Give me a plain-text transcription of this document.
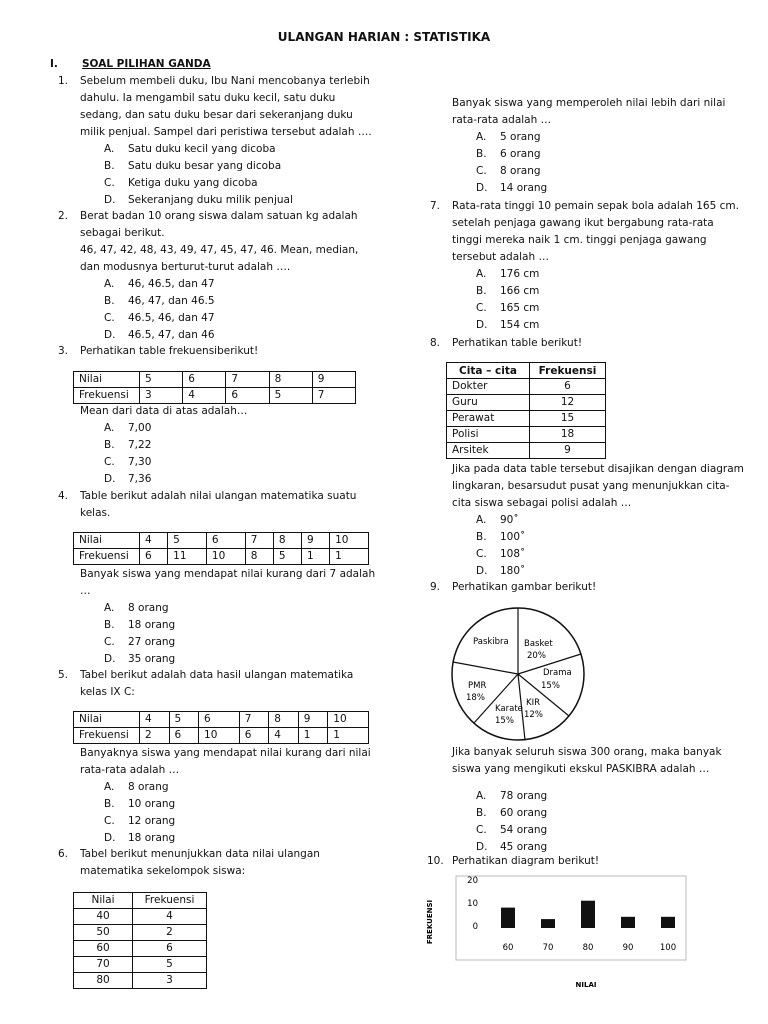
ULANGAN HARIAN : STATISTIKA
I. SOAL PILIHAN GANDA
1. Sebelum membeli duku, Ibu Nani mencobanya terlebih
dahulu. Ia mengambil satu duku kecil, satu duku
sedang, dan satu duku besar dari sekeranjang duku
milik penjual. Sampel dari peristiwa tersebut adalah ….
A. Satu duku kecil yang dicoba
B. Satu duku besar yang dicoba
C. Ketiga duku yang dicoba
D. Sekeranjang duku milik penjual
2. Berat badan 10 orang siswa dalam satuan kg adalah
sebagai berikut.
46, 47, 42, 48, 43, 49, 47, 45, 47, 46. Mean, median,
dan modusnya berturut-turut adalah ….
A. 46, 46.5, dan 47
B. 46, 47, dan 46.5
C. 46.5, 46, dan 47
D. 46.5, 47, dan 46
3. Perhatikan table frekuensiberikut!
Nilai	5	6	7	8	9
Frekuensi	3	4	6	5	7
Mean dari data di atas adalah…
A. 7,00
B. 7,22
C. 7,30
D. 7,36
4. Table berikut adalah nilai ulangan matematika suatu
kelas.
Nilai	4	5	6	7	8	9	10
Frekuensi	6	11	10	8	5	1	1
Banyak siswa yang mendapat nilai kurang dari 7 adalah
…
A. 8 orang
B. 18 orang
C. 27 orang
D. 35 orang
5. Tabel berikut adalah data hasil ulangan matematika
kelas IX C:
Nilai	4	5	6	7	8	9	10
Frekuensi	2	6	10	6	4	1	1
Banyaknya siswa yang mendapat nilai kurang dari nilai
rata-rata adalah …
A. 8 orang
B. 10 orang
C. 12 orang
D. 18 orang
6. Tabel berikut menunjukkan data nilai ulangan
matematika sekelompok siswa:
Nilai	Frekuensi
40	4
50	2
60	6
70	5
80	3
Banyak siswa yang memperoleh nilai lebih dari nilai
rata-rata adalah …
A. 5 orang
B. 6 orang
C. 8 orang
D. 14 orang
7. Rata-rata tinggi 10 pemain sepak bola adalah 165 cm.
setelah penjaga gawang ikut bergabung rata-rata
tinggi mereka naik 1 cm. tinggi penjaga gawang
tersebut adalah …
A. 176 cm
B. 166 cm
C. 165 cm
D. 154 cm
8. Perhatikan table berikut!
Cita – cita	Frekuensi
Dokter	6
Guru	12
Perawat	15
Polisi	18
Arsitek	9
Jika pada data table tersebut disajikan dengan diagram
lingkaran, besarsudut pusat yang menunjukkan cita-
cita siswa sebagai polisi adalah …
A. 90˚
B. 100˚
C. 108˚
D. 180˚
9. Perhatikan gambar berikut!
Paskibra Basket
20%
Drama
15%
KIR
12%
Karate
15%
PMR
18%
Jika banyak seluruh siswa 300 orang, maka banyak
siswa yang mengikuti ekskul PASKIBRA adalah …
A. 78 orang
B. 60 orang
C. 54 orang
D. 45 orang
10. Perhatikan diagram berikut!
FREKUENSI
NILAI
20
10
0
60	70	80	90	100
